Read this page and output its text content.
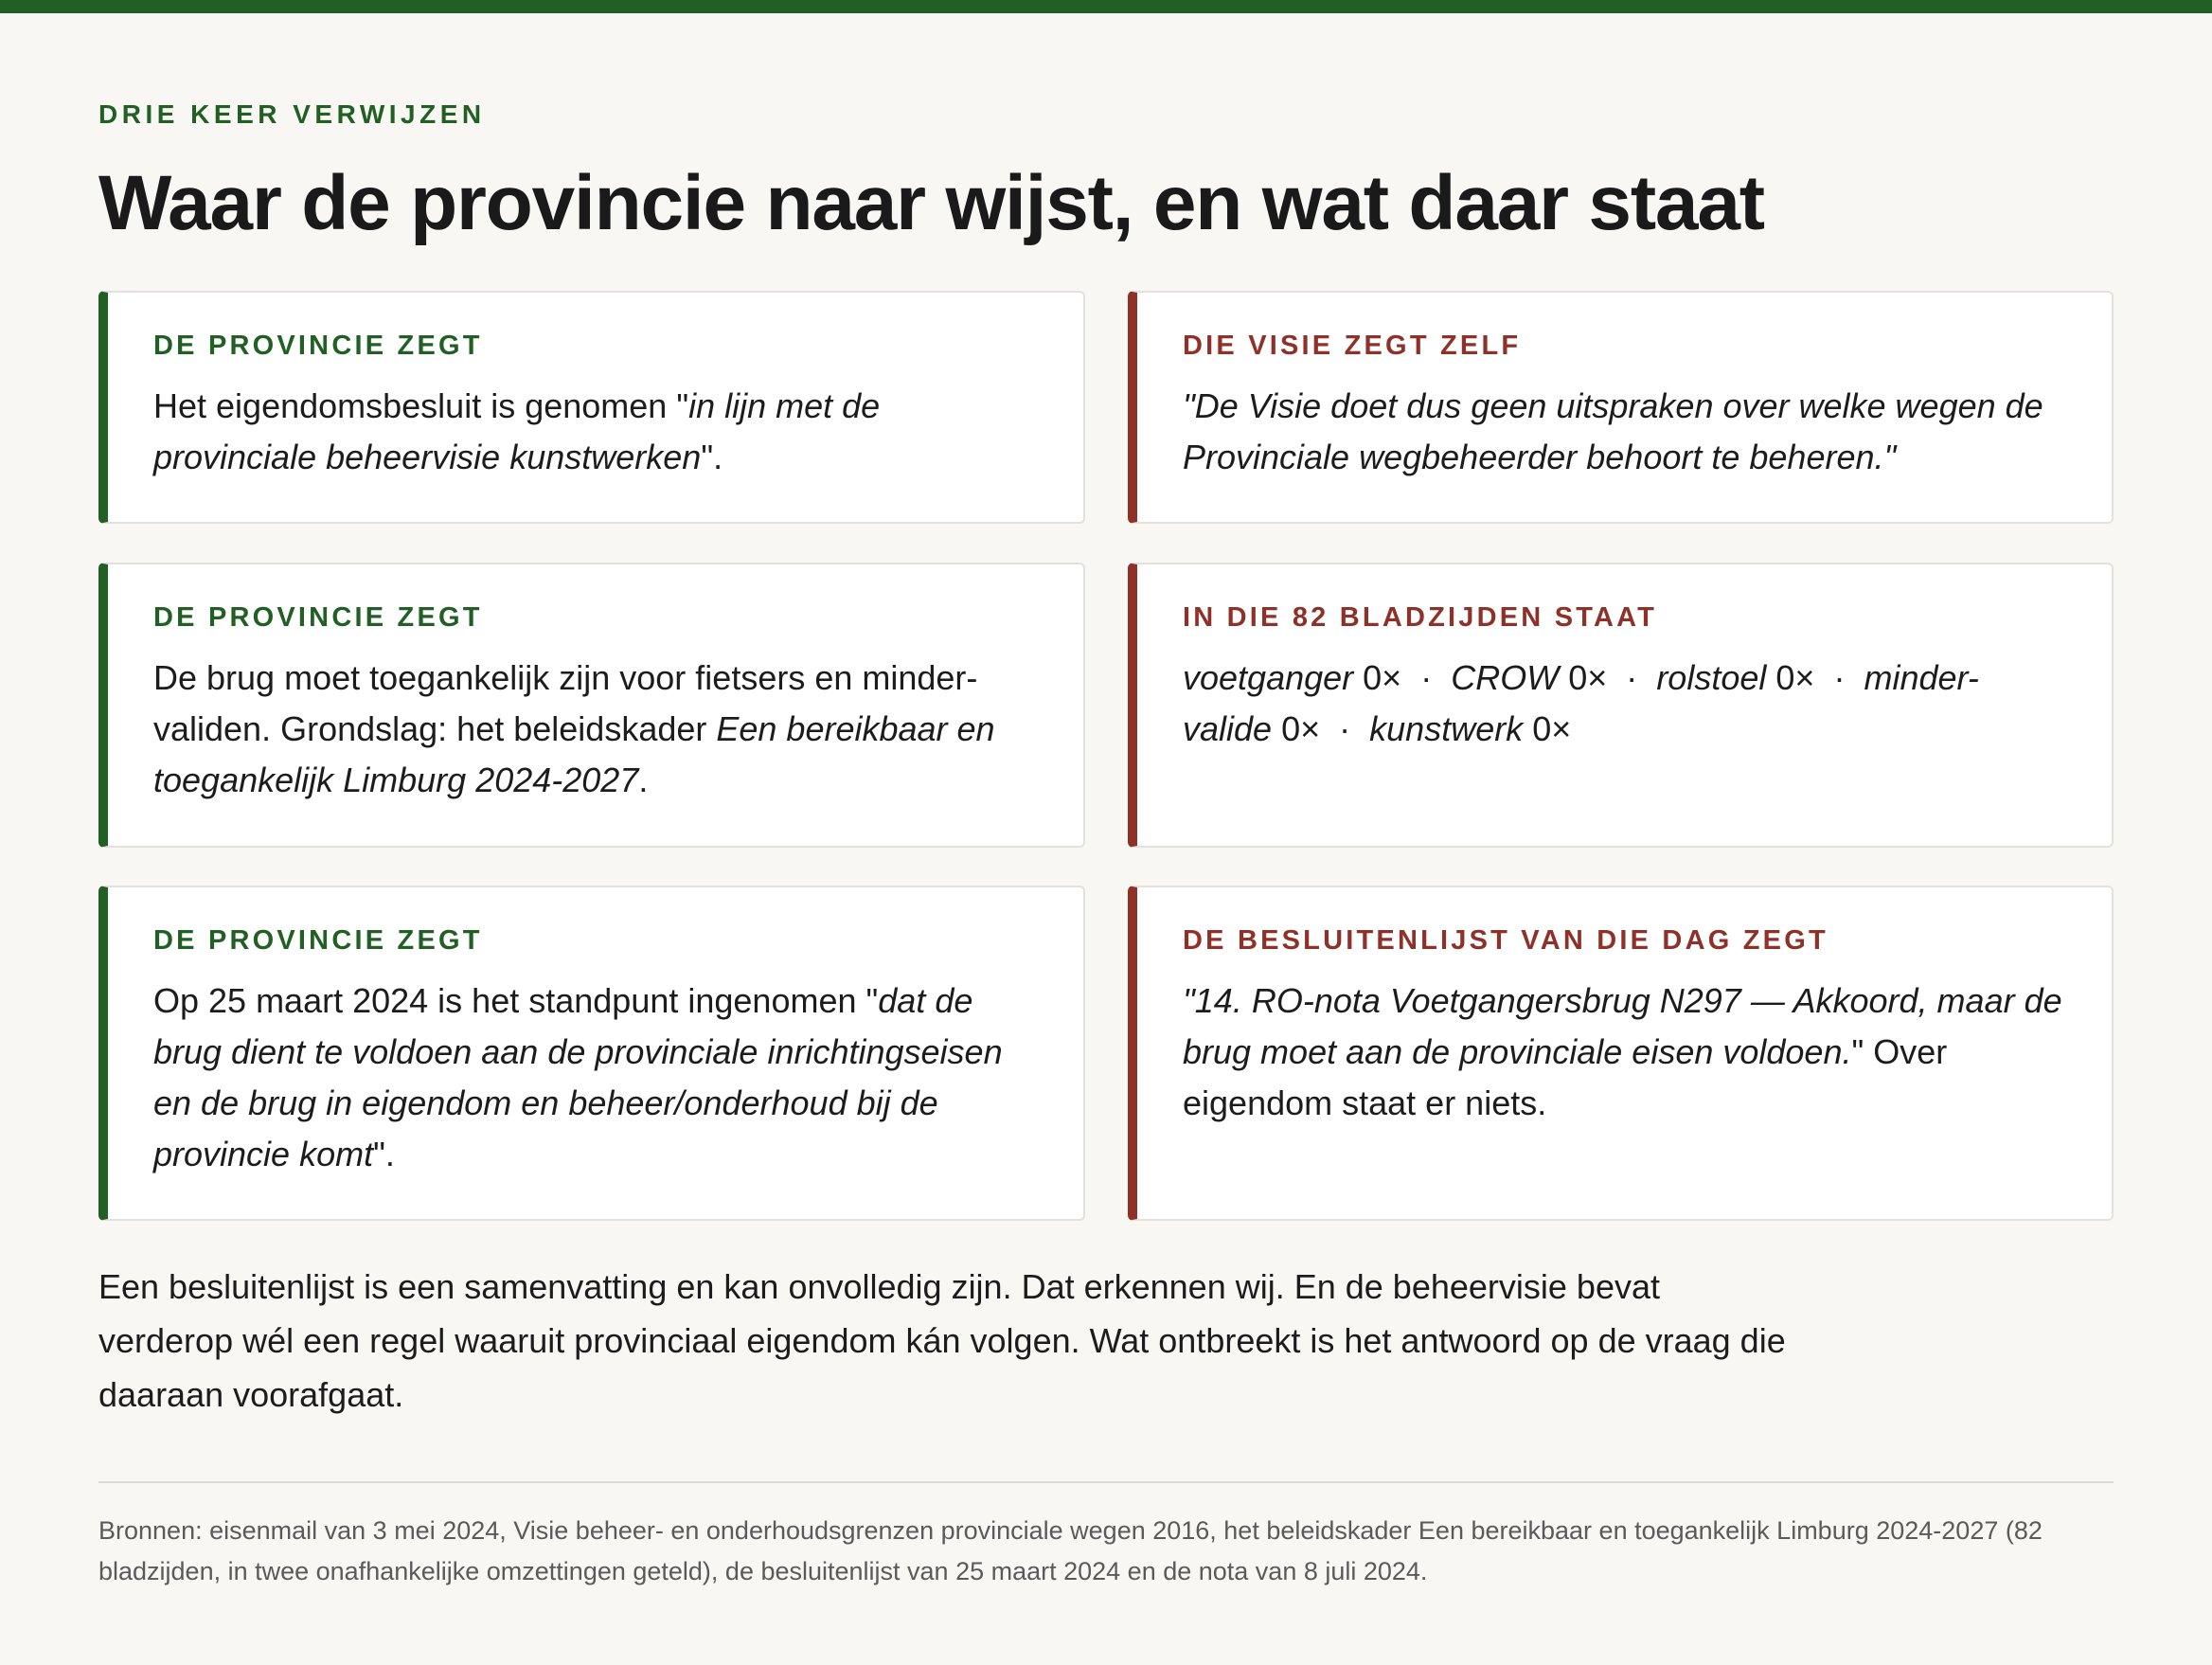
DRIE KEER VERWIJZEN
Waar de provincie naar wijst, en wat daar staat
DE PROVINCIE ZEGT

Het eigendomsbesluit is genomen "in lijn met de provinciale beheervisie kunstwerken".

DIE VISIE ZEGT ZELF

"De Visie doet dus geen uitspraken over welke wegen de Provinciale wegbeheerder behoort te beheren."

DE PROVINCIE ZEGT

De brug moet toegankelijk zijn voor fietsers en minder-validen. Grondslag: het beleidskader Een bereikbaar en toegankelijk Limburg 2024-2027.

IN DIE 82 BLADZIJDEN STAAT

voetganger 0× · CROW 0× · rolstoel 0× · minder-valide 0× · kunstwerk 0×

DE PROVINCIE ZEGT

Op 25 maart 2024 is het standpunt ingenomen "dat de brug dient te voldoen aan de provinciale inrichtingseisen en de brug in eigendom en beheer/onderhoud bij de provincie komt".

DE BESLUITENLIJST VAN DIE DAG ZEGT

"14. RO-nota Voetgangersbrug N297 — Akkoord, maar de brug moet aan de provinciale eisen voldoen." Over eigendom staat er niets.

Een besluitenlijst is een samenvatting en kan onvolledig zijn. Dat erkennen wij. En de beheervisie bevat verderop wél een regel waaruit provinciaal eigendom kán volgen. Wat ontbreekt is het antwoord op de vraag die daaraan voorafgaat.

Bronnen: eisenmail van 3 mei 2024, Visie beheer- en onderhoudsgrenzen provinciale wegen 2016, het beleidskader Een bereikbaar en toegankelijk Limburg 2024-2027 (82 bladzijden, in twee onafhankelijke omzettingen geteld), de besluitenlijst van 25 maart 2024 en de nota van 8 juli 2024.
